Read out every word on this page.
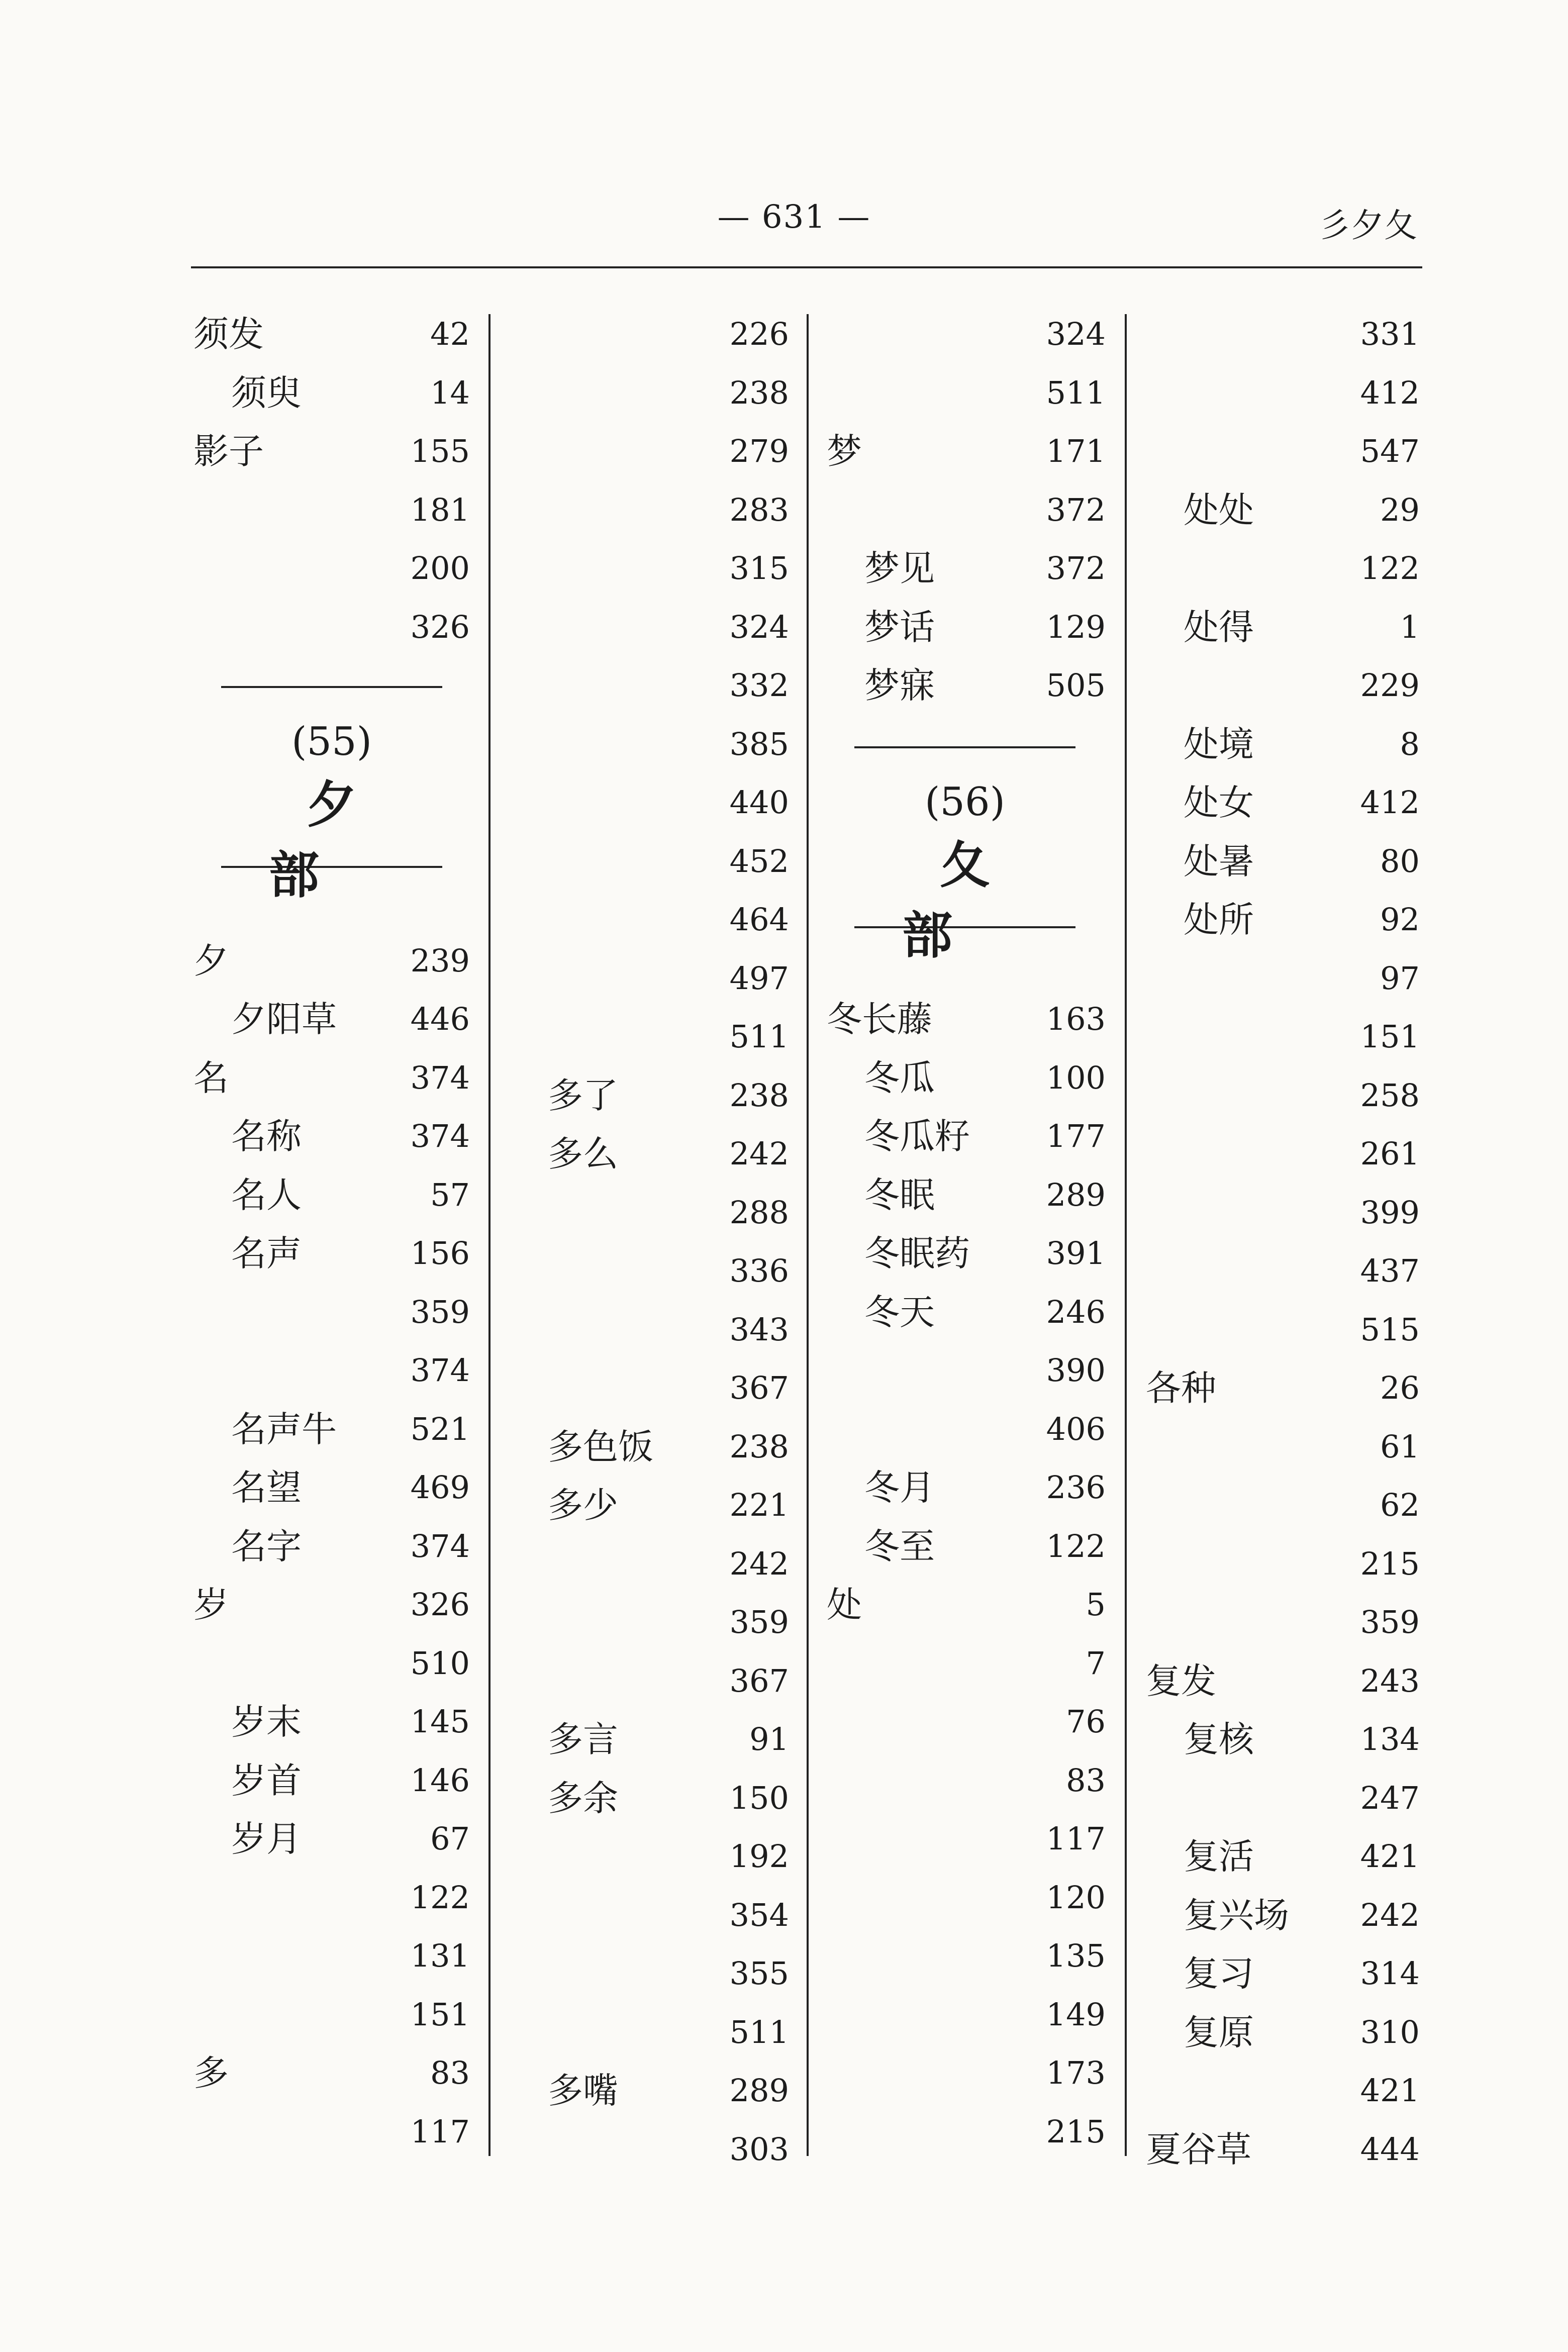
— 631 —	彡夕夂
(55)
夕部
(56)
夂部
须发	42
须臾	14
影子	155
181
200
326
夕	239
夕阳草 446
名	374
名称	374
名人	57
名声	156
359
374
名声牛 521
名望	469
名字	374
岁	326
510
岁末	145
岁首	146
岁月	67
122
131
151
多	83
117
226
238
279
283
315
324
332
385
440
452
464
497
511
多了	238
多么	242
288
336
343
367
多色饭 238
多少	221
242
359
367
多言	91
多余	150
192
354
355
511
多嘴	289
303
324
511
梦	171
372
梦见	372
梦话	129
梦寐	505
冬长藤	163
冬瓜	100
冬瓜籽 177
冬眠	289
冬眠药 391
冬天	246
390
406
冬月	236
冬至	122
处	5
7
76
83
117
120
135
149
173
215
331
412
547
处处	29
122
处得	1
229
处境	8
处女	412
处暑	80
处所	92
97
151
258
261
399
437
515
各种	26
61
62
215
359
复发	243
复核	134
247
复活	421
复兴场 242
复习	314
复原	310
421
夏谷草	444
